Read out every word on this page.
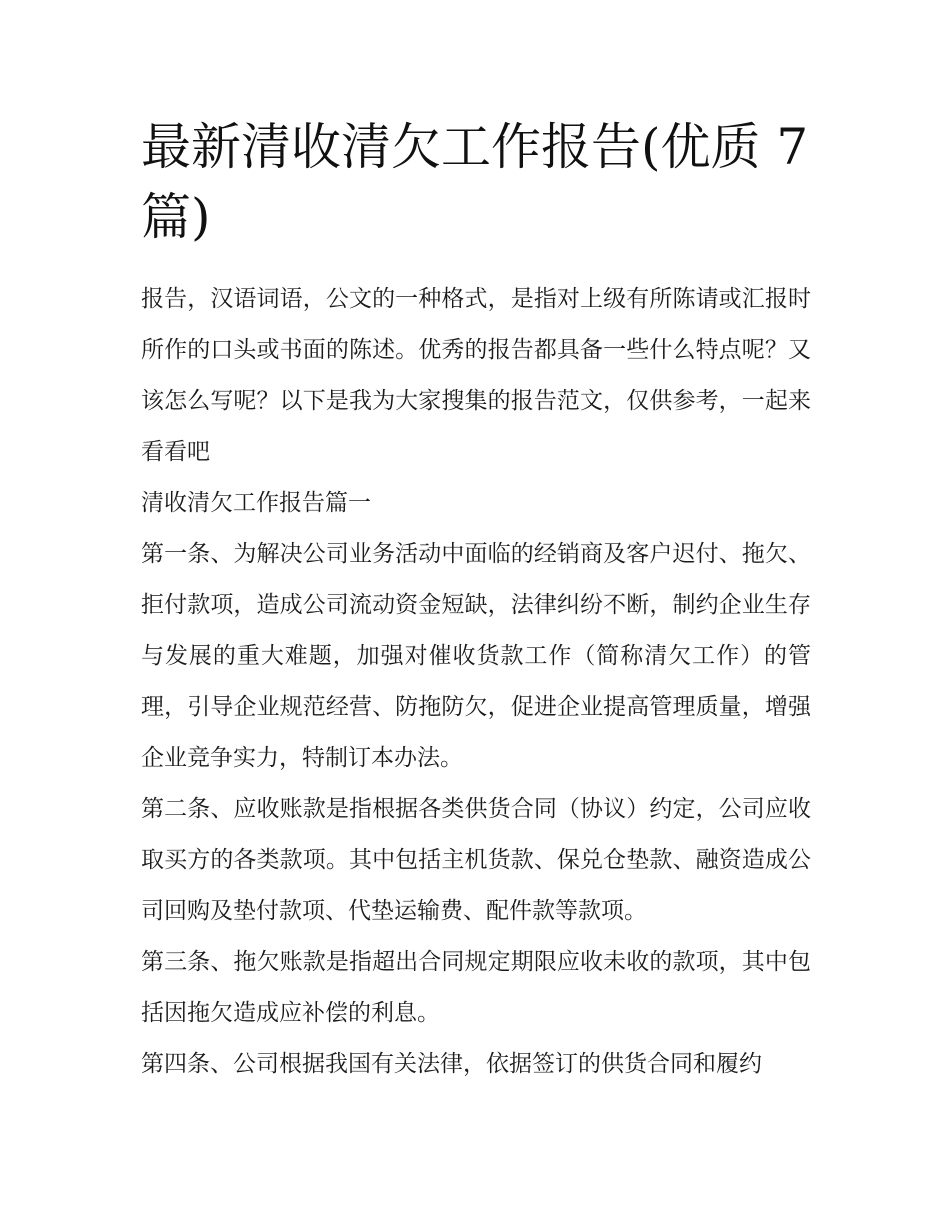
最新清收清欠工作报告(优质 7 篇)

报告，汉语词语，公文的一种格式，是指对上级有所陈请或汇报时所作的口头或书面的陈述。优秀的报告都具备一些什么特点呢？又该怎么写呢？以下是我为大家搜集的报告范文，仅供参考，一起来看看吧

清收清欠工作报告篇一

第一条、为解决公司业务活动中面临的经销商及客户迟付、拖欠、拒付款项，造成公司流动资金短缺，法律纠纷不断，制约企业生存与发展的重大难题，加强对催收货款工作（简称清欠工作）的管理，引导企业规范经营、防拖防欠，促进企业提高管理质量，增强企业竞争实力，特制订本办法。

第二条、应收账款是指根据各类供货合同（协议）约定，公司应收取买方的各类款项。其中包括主机货款、保兑仓垫款、融资造成公司回购及垫付款项、代垫运输费、配件款等款项。

第三条、拖欠账款是指超出合同规定期限应收未收的款项，其中包括因拖欠造成应补偿的利息。

第四条、公司根据我国有关法律，依据签订的供货合同和履约
